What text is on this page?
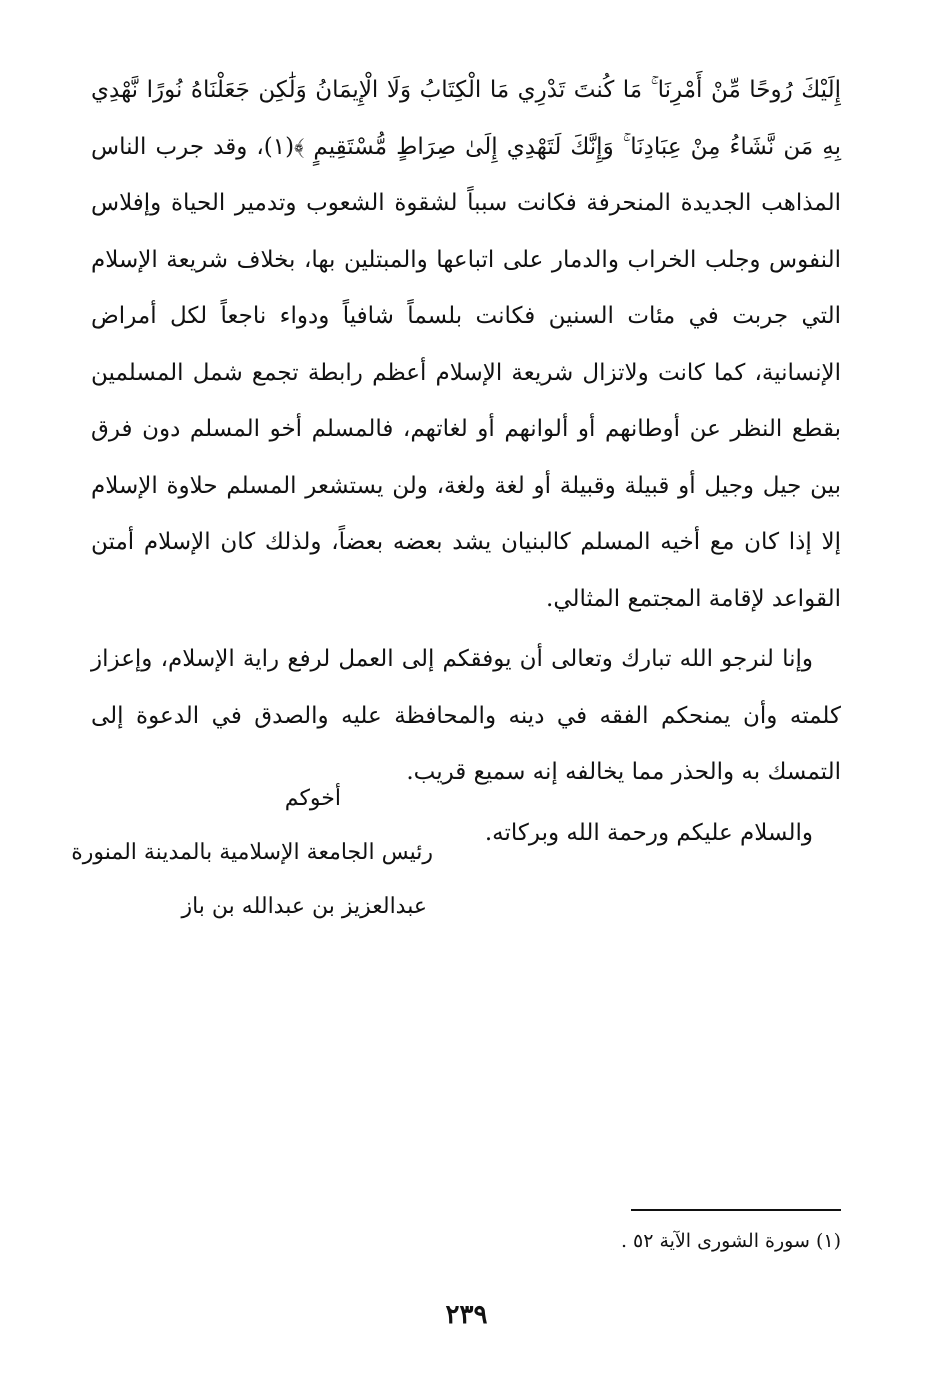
إِلَيْكَ رُوحًا مِّنْ أَمْرِنَا ۚ مَا كُنتَ تَدْرِي مَا الْكِتَابُ وَلَا الْإِيمَانُ وَلَٰكِن جَعَلْنَاهُ نُورًا نَّهْدِي بِهِ مَن نَّشَاءُ مِنْ عِبَادِنَا ۚ وَإِنَّكَ لَتَهْدِي إِلَىٰ صِرَاطٍ مُّسْتَقِيمٍ ﴾(١)، وقد جرب الناس المذاهب الجديدة المنحرفة فكانت سبباً لشقوة الشعوب وتدمير الحياة وإفلاس النفوس وجلب الخراب والدمار على اتباعها والمبتلين بها، بخلاف شريعة الإسلام التي جربت في مئات السنين فكانت بلسماً شافياً ودواء ناجعاً لكل أمراض الإنسانية، كما كانت ولاتزال شريعة الإسلام أعظم رابطة تجمع شمل المسلمين بقطع النظر عن أوطانهم أو ألوانهم أو لغاتهم، فالمسلم أخو المسلم دون فرق بين جيل وجيل أو قبيلة وقبيلة أو لغة ولغة، ولن يستشعر المسلم حلاوة الإسلام إلا إذا كان مع أخيه المسلم كالبنيان يشد بعضه بعضاً، ولذلك كان الإسلام أمتن القواعد لإقامة المجتمع المثالي.

وإنا لنرجو الله تبارك وتعالى أن يوفقكم إلى العمل لرفع راية الإسلام، وإعزاز كلمته وأن يمنحكم الفقه في دينه والمحافظة عليه والصدق في الدعوة إلى التمسك به والحذر مما يخالفه إنه سميع قريب.

والسلام عليكم ورحمة الله وبركاته.

أخوكم
رئيس الجامعة الإسلامية بالمدينة المنورة
عبدالعزيز بن عبدالله بن باز
(١) سورة الشورى الآية ٥٢ .
٢٣٩
